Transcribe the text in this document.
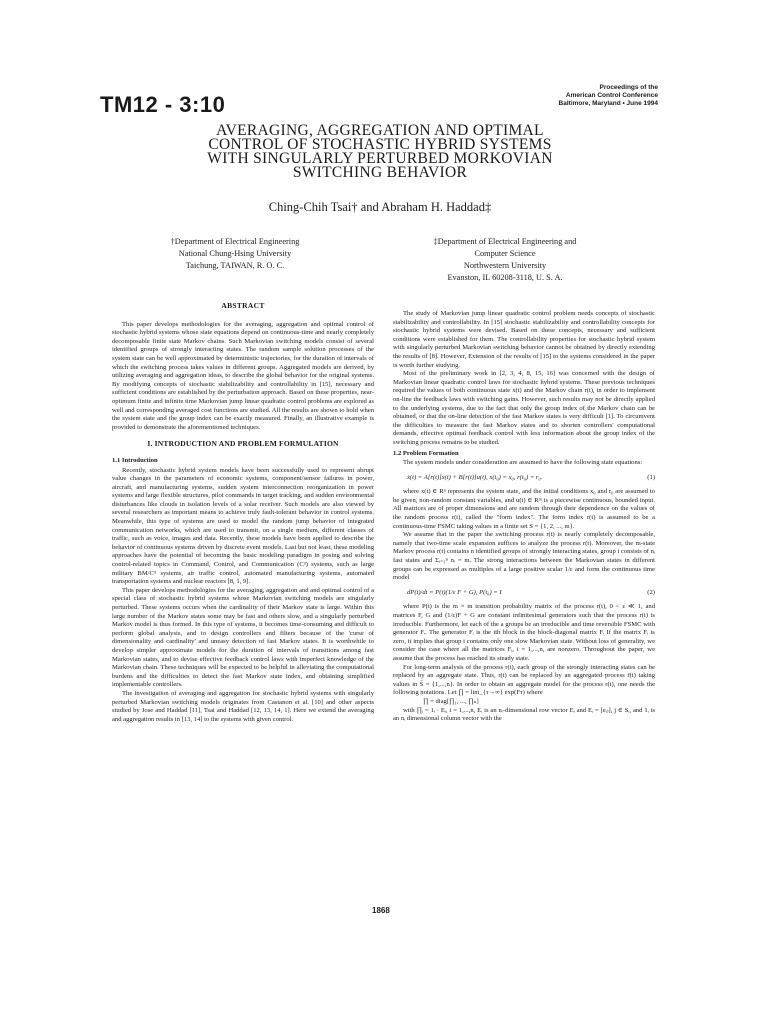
TM12 - 3:10
Proceedings of the
American Control Conference
Baltimore, Maryland • June 1994
AVERAGING, AGGREGATION AND OPTIMAL
CONTROL OF STOCHASTIC HYBRID SYSTEMS
WITH SINGULARLY PERTURBED MORKOVIAN
SWITCHING BEHAVIOR
Ching-Chih Tsai† and Abraham H. Haddad‡
†Department of Electrical Engineering
National Chung-Hsing University
Taichung, TAIWAN, R. O. C.
‡Department of Electrical Engineering and
Computer Science
Northwestern University
Evanston, IL 60208-3118, U. S. A.
ABSTRACT

This paper develops methodologies for the averaging, aggregation and optimal control of stochastic hybrid systems whose state equations depend on continuous-time and nearly completely decomposable finite state Markov chains. Such Markovian switching models consist of several identified groups of strongly interacting states. The random sample solution processes of the system state can be well approximated by deterministic trajectories, for the duration of intervals of which the switching process takes values in different groups. Aggregated models are derived, by utilizing averaging and aggregation ideas, to describe the global behavior for the original systems. By modifying concepts of stochastic stabilizability and controllability in [15], necessary and sufficient conditions are established by the perturbation approach. Based on these properties, near-optimum finite and infinite time Markovian jump linear quadratic control problems are explored as well and corresponding averaged cost functions are studied. All the results are shown to hold when the system state and the group index can be exactly measured. Finally, an illustrative example is provided to demonstrate the aforementioned techniques.

I. INTRODUCTION AND PROBLEM FORMULATION
1.1 Introduction

Recently, stochastic hybrid system models have been successfully used to represent abrupt value changes in the parameters of economic systems, component/sensor failures in power, aircraft, and manufacturing systems, sudden system interconnection reorganization in power systems and large flexible structures, pilot commands in target tracking, and sudden environmental disturbances like clouds in isolation levels of a solar receiver. Such models are also viewed by several researchers as important means to achieve truly fault-tolerant behavior in control systems. Meanwhile, this type of systems are used to model the random jump behavior of integrated communication networks, which are used to transmit, on a single medium, different classes of traffic, such as voice, images and data. Recently, these models have been applied to describe the behavior of continuous systems driven by discrete event models. Last but not least, these modeling approaches have the potential of becoming the basic modeling paradigm in posing and solving control-related topics in Command, Control, and Communication (C³) systems, such as large military BM/C³ systems, air traffic control, automated manufacturing systems, automated transportation systems and nuclear reactors [8, 1, 9].

This paper develops methodologies for the averaging, aggregation and and optimal control of a special class of stochastic hybrid systems whose Markovian switching models are singularly perturbed. These systems occurs when the cardinality of their Markov state is large. Within this large number of the Markov states some may be fast and others slow, and a singularly perturbed Markov model is thus formed. In this type of systems, it becomes time-consuming and difficult to perform global analysis, and to design controllers and filters because of the 'curse of dimensionality and cardinality' and uneasy detection of fast Markov states. It is worthwhile to develop simpler approximate models for the duration of intervals of transitions among fast Markovian states, and to devise effective feedback control laws with imperfect knowledge of the Markovian chain. These techniques will be expected to be helpful in alleviating the computational burdens and the difficulties to detect the fast Markov state index, and obtaining simplified implementable controllers.

The investigation of averaging and aggregation for stochastic hybrid systems with singularly perturbed Markovian switching models originates from Castanon et al. [10] and other aspects studied by Jose and Haddad [11], Tsai and Haddad [12, 13, 14, 1]. Here we extend the averaging and aggregation results in [13, 14] to the systems with given control.

The study of Markovian jump linear quadratic control problem needs concepts of stochastic stabilizability and controllability. In [15] stochastic stabilizability and controllability concepts for stochastic hybrid systems were devised. Based on these concepts, necessary and sufficient conditions were established for them. The controllability properties for stochastic hybrid system with singularly perturbed Markovian switching behavior cannot be obtained by directly extending the results of [8]. However, Extension of the results of [15] to the systems considered in the paper is worth further studying.

Most of the preliminary work in [2, 3, 4, 8, 15, 16] was concerned with the design of Markovian linear quadratic control laws for stochastic hybrid systems. These previous techniques required the values of both continuous state x(t) and the Markov chain r(t), in order to implement on-line the feedback laws with switching gains. However, such results may not be directly applied to the underlying systems, due to the fact that only the group index of the Markov chain can be obtained, or that the on-line detection of the fast Markov states is very difficult [1]. To circumvent the difficulties to measure the fast Markov states and to shorten controllers' computational demands, effective optimal feedback control with less information about the group index of the switching process remains to be studied.

1.2 Problem Formation

The system models under consideration are assumed to have the following state equations:

ẋ(t) = A[r(t)]x(t) + B[r(t)]u(t), x(t₀) = x₀, r(t₀) = r₀.	(1)

where x(t) ∈ Rⁿ represents the system state, and the initial conditions x₀ and r₀ are assumed to be given, non-random constant variables, and u(t) ∈ Rᵐ is a piecewise continuous, bounded input. All matrices are of proper dimensions and are random through their dependence on the values of the random process r(t), called the "form index". The form index r(t) is assumed to be a continuous-time FSMC taking values in a finite set S = {1, 2, ..., m}.

We assume that in the paper the switching process r(t) is nearly completely decomposable, namely that two-time scale expansion suffices to analyze the process r(t). Moreover, the m-state Markov process r(t) contains n identified groups of strongly interacting states, group i consists of nᵢ fast states and Σᵢ₌₁ⁿ nᵢ = m. The strong interactions between the Markovian states in different groups can be expressed as multiples of a large positive scalar 1/ε and form the continuous time model

dP(t)/dt = P(t)(1/ε F + G), P(t₀) = I	(2)

where P(t) is the m × m transition probability matrix of the process r(t), 0 < ε ≪ 1, and matrices F, G and (1/ε)F + G are constant infinitesimal generators such that the process r(t) is irreducible. Furthermore, let each of the a groups be an irreducible and time reversible FSMC with generator Fᵢ. The generator Fᵢ is the ith block in the block-diagonal matrix F. If the matrix Fᵢ is zero, it implies that group i contains only one slow Markovian state. Without loss of generality, we consider the case where all the matrices Fᵢ, i = 1,...,n, are nonzero. Throughout the paper, we assume that the process has reached its steady state.

For long-term analysis of the process r(t), each group of the strongly interacting states can be replaced by an aggregate state. Thus, r(t) can be replaced by an aggregated process r̄(t) taking values in S̄ = {1,...,n}. In order to obtain an aggregate model for the process r(t), one needs the following notations. Let ∏ = lim_{τ→∞} exp(Fτ) where

∏ = diag[∏₁, ..., ∏ₙ]

with ∏ᵢ = 1ᵢ · Eᵢ, i = 1,...,n, Eᵢ is an nᵢ-dimensional row vector Eᵢ and Eᵢ = [eᵢⱼ], j ∈ Sᵢ, and 1ᵢ is an nᵢ dimensional column vector with the

1868
